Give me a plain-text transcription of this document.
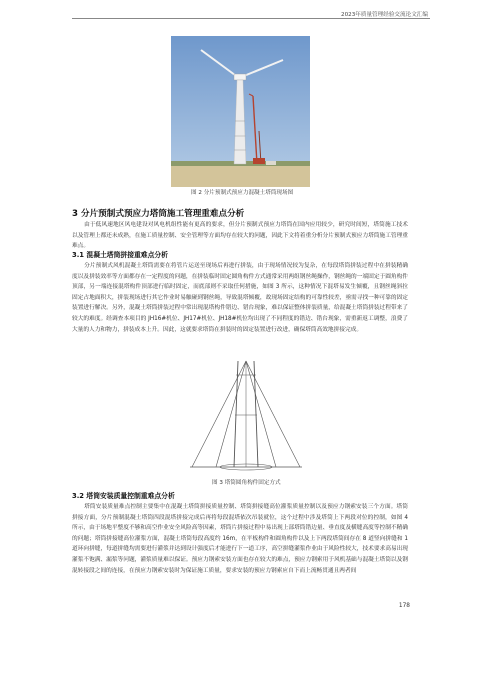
2023年质量管理经验交流论文汇编
图 2 分片预制式预应力混凝土塔筒现场图
3 分片预制式预应力塔筒施工管理重难点分析
由于低风速地区风电建设对风电机组性能有更高的要求，但分片预制式预应力塔筒在国内应用较少，研究时间短，塔筒施工技术以及管理上都还未成熟，在施工质量控制、安全管理等方面均存在较大的问题，因此下文将着重分析分片预制式预应力塔筒施工管理重难点。
3.1 混凝土塔筒拼接重难点分析
分片预制式风机混凝土塔筒需要在将管片运送至现场后再进行拼装，由于现场情况较为复杂，在每段塔筒拼装过程中在拼装精确度以及拼装效率等方面都存在一定程度的问题，在拼装临时固定圆角构件方式通常采用两组钢丝绳操作，钢丝绳的一端固定于圆角构件顶部，另一端连接混塔构件顶部进行临时固定，而底部则不采取任何措施，如图 3 所示，这种情况下混塔易发生倾覆，且钢丝绳斜拉固定占地面积大，拼装现场进行其它作业时易触碰到钢丝绳，导致混塔倾覆，故现场固定结构的可靠性较差，亟需寻找一种可靠的固定装置进行解决。另外，混凝土塔筒拼装过程中常出现混塔构件错边、错台现象，难以保证整体拼装质量，给混凝土塔筒拼装过程带来了较大的难度。经调查本项目的 JH16#机位、JH17#机位、JH18#机位均出现了不同程度的错边、错台现象，需重新返工调整，浪费了大量的人力和物力，拼装成本上升。因此，这就要求塔筒在拼装时的固定装置进行改进，确保塔筒高效地拼接完成。
图 3 塔筒圆角构件固定方式
3.2 塔筒安装质量控制重难点分析
塔筒安装质量难点控制主要集中在混凝土塔筒拼接质量控制、塔筒拼接缝高位灌浆质量控制以及预应力钢索安装三个方面。塔筒拼接方面，分片预制混凝土塔筒四段混塔拼接完成后再将每段混塔依次吊装就位，这个过程中涉及塔筒上下两段对位的控制，如图 4 所示，由于场地平整度不够和高空作业安全风险高等因素，塔筒片拼接过程中易出现上部塔筒错边量、垂直度及横缝高度等控制不精确的问题；塔筒拼接缝高位灌浆方面，混凝土塔筒每段高度约 16m，在平板构件和圆角构件以及上下两段塔筒间存在 8 道竖向拼缝和 1 道环向拼缝，每道拼缝均需要进行灌浆并达到设计强度后才能进行下一道工序，高空拼缝灌浆作业由于风险性较大，技术要求高易出现灌浆不饱满、漏浆等问题，灌浆质量难以保证。预应力钢索安装方面也存在较大的难点，预应力钢索用于风机基础与混凝土塔筒以及钢混转接段之间的连接，在预应力钢索安装时为保证施工质量，要求安装的预应力钢索应自下而上流畅贯通且两者间
178
